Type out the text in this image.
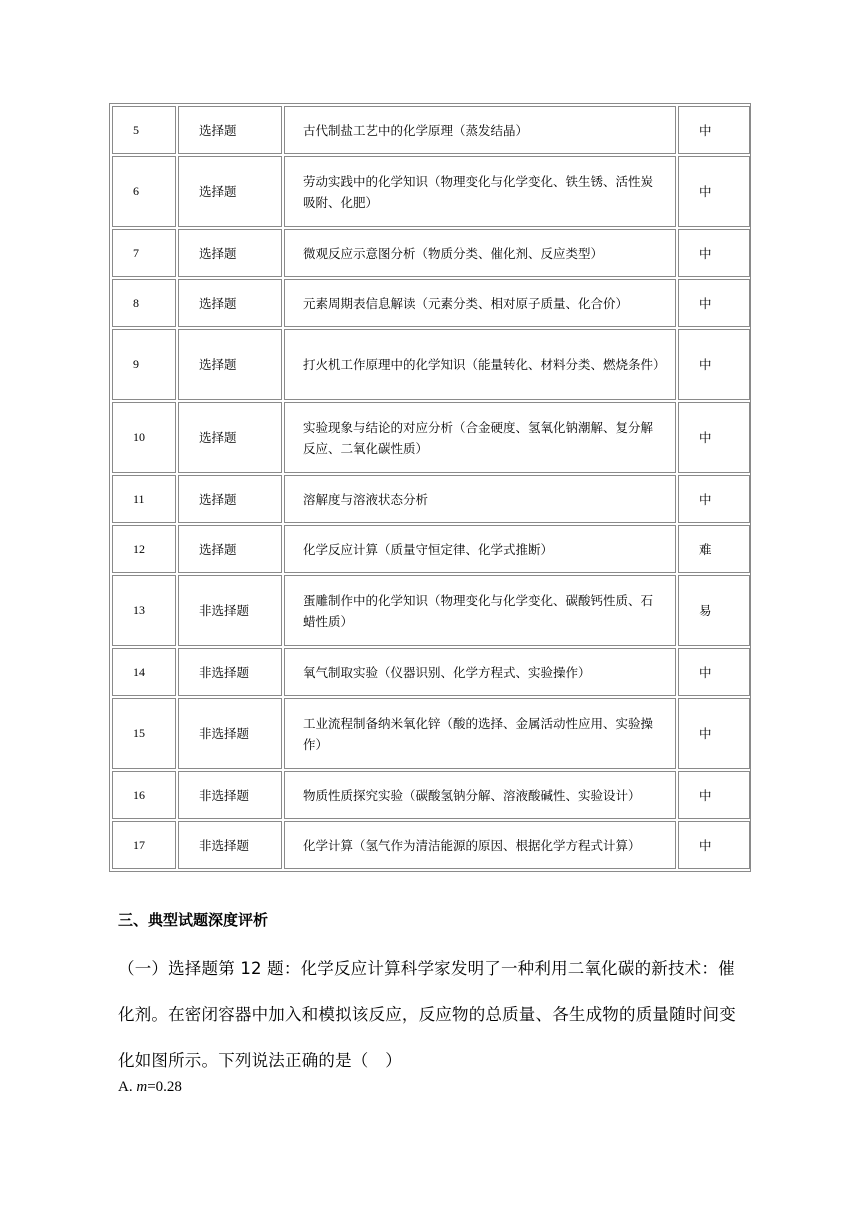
5	选择题	古代制盐工艺中的化学原理（蒸发结晶）	中
6	选择题	劳动实践中的化学知识（物理变化与化学变化、铁生锈、活性炭吸附、化肥）	中
7	选择题	微观反应示意图分析（物质分类、催化剂、反应类型）	中
8	选择题	元素周期表信息解读（元素分类、相对原子质量、化合价）	中
9	选择题	打火机工作原理中的化学知识（能量转化、材料分类、燃烧条件）	中
10	选择题	实验现象与结论的对应分析（合金硬度、氢氧化钠潮解、复分解反应、二氧化碳性质）	中
11	选择题	溶解度与溶液状态分析	中
12	选择题	化学反应计算（质量守恒定律、化学式推断）	难
13	非选择题	蛋雕制作中的化学知识（物理变化与化学变化、碳酸钙性质、石蜡性质）	易
14	非选择题	氧气制取实验（仪器识别、化学方程式、实验操作）	中
15	非选择题	工业流程制备纳米氧化锌（酸的选择、金属活动性应用、实验操作）	中
16	非选择题	物质性质探究实验（碳酸氢钠分解、溶液酸碱性、实验设计）	中
17	非选择题	化学计算（氢气作为清洁能源的原因、根据化学方程式计算）	中
三、典型试题深度评析

（一）选择题第 12 题：化学反应计算科学家发明了一种利用二氧化碳的新技术：催化剂。在密闭容器中加入和模拟该反应，反应物的总质量、各生成物的质量随时间变化如图所示。下列说法正确的是（　）

A. m=0.28
